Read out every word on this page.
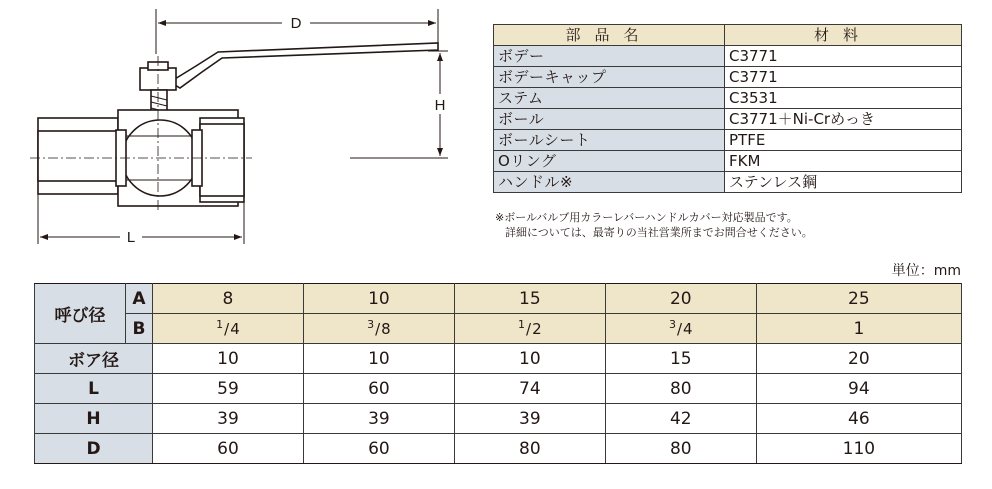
D
H
L
部品名	材料
ボデー	C3771
ボデーキャップ	C3771
ステム	C3531
ボール	C3771＋Ni-Crめっき
ボールシート	PTFE
Oリング	FKM
ハンドル※	ステンレス鋼
※ボールバルブ用カラーレバーハンドルカバー対応製品です。
詳細については、最寄りの当社営業所までお問合せください。
単位：mm
呼び径	A	8	10	15	20	25
	B	$^1$/4	$^3$/8	$^1$/2	$^3$/4	1
ボア径		10	10	10	15	20
L		59	60	74	80	94
H		39	39	39	42	46
D		60	60	80	80	110
